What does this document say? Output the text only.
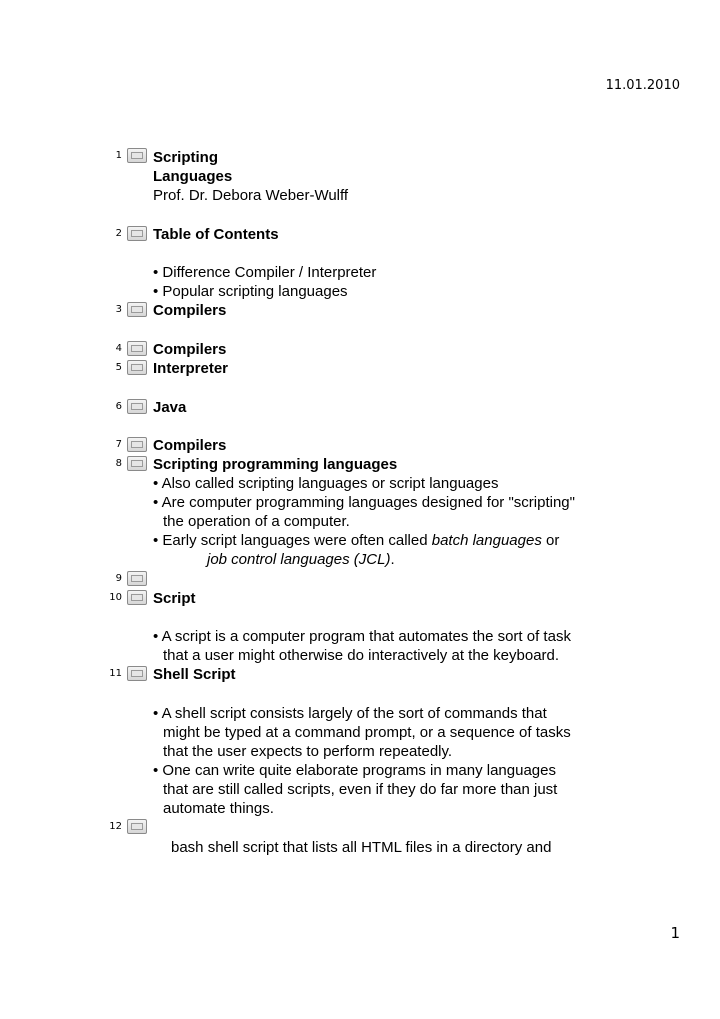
11.01.2010
1 Scripting
Languages
Prof. Dr. Debora Weber-Wulff
2 Table of Contents
• Difference Compiler / Interpreter
• Popular scripting languages
3 Compilers
4 Compilers
5 Interpreter
6 Java
7 Compilers
8 Scripting programming languages
• Also called scripting languages or script languages
• Are computer programming languages designed for "scripting"
the operation of a computer.
• Early script languages were often called batch languages or
job control languages (JCL).
9
10 Script
• A script is a computer program that automates the sort of task
that a user might otherwise do interactively at the keyboard.
11 Shell Script
• A shell script consists largely of the sort of commands that
might be typed at a command prompt, or a sequence of tasks
that the user expects to perform repeatedly.
• One can write quite elaborate programs in many languages
that are still called scripts, even if they do far more than just
automate things.
12
bash shell script that lists all HTML files in a directory and
1
